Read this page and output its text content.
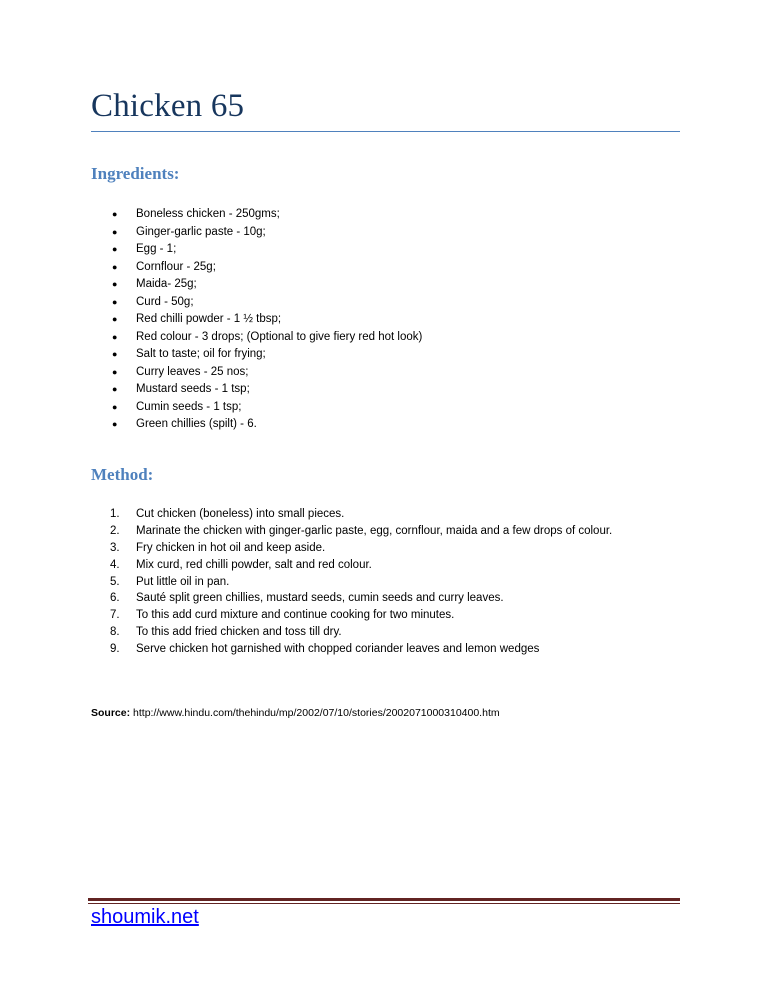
Chicken 65
Ingredients:
● Boneless chicken - 250gms;
● Ginger-garlic paste - 10g;
● Egg - 1;
● Cornflour - 25g;
● Maida- 25g;
● Curd - 50g;
● Red chilli powder - 1 ½ tbsp;
● Red colour - 3 drops; (Optional to give fiery red hot look)
● Salt to taste; oil for frying;
● Curry leaves - 25 nos;
● Mustard seeds - 1 tsp;
● Cumin seeds - 1 tsp;
● Green chillies (spilt) - 6.
Method:
1. Cut chicken (boneless) into small pieces.
2. Marinate the chicken with ginger-garlic paste, egg, cornflour, maida and a few drops of colour.
3. Fry chicken in hot oil and keep aside.
4. Mix curd, red chilli powder, salt and red colour.
5. Put little oil in pan.
6. Sauté split green chillies, mustard seeds, cumin seeds and curry leaves.
7. To this add curd mixture and continue cooking for two minutes.
8. To this add fried chicken and toss till dry.
9. Serve chicken hot garnished with chopped coriander leaves and lemon wedges
Source: http://www.hindu.com/thehindu/mp/2002/07/10/stories/2002071000310400.htm
shoumik.net
